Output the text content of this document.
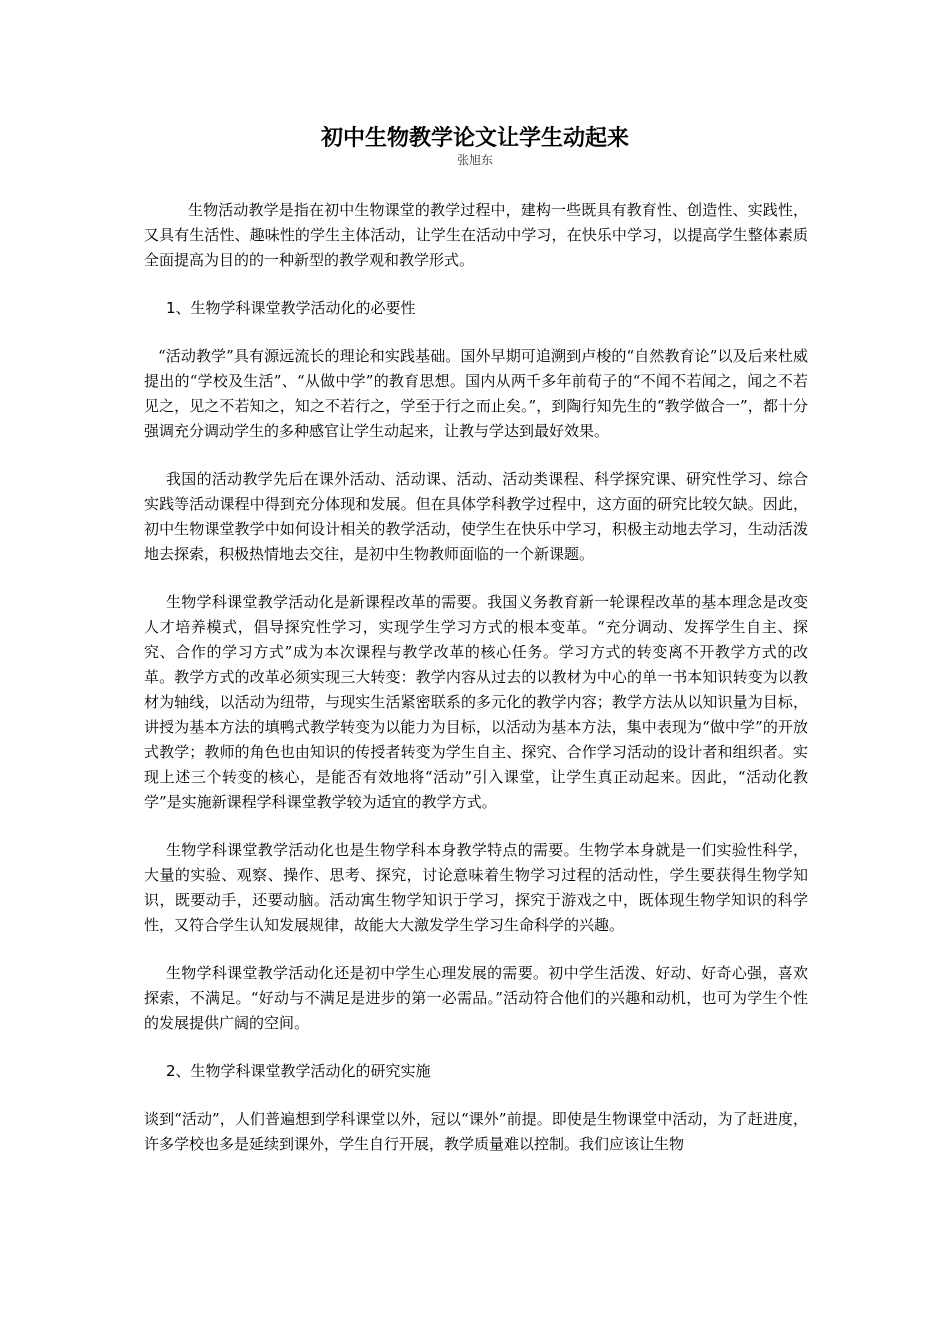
初中生物教学论文让学生动起来
张旭东

生物活动教学是指在初中生物课堂的教学过程中，建构一些既具有教育性、创造性、实践性，又具有生活性、趣味性的学生主体活动，让学生在活动中学习，在快乐中学习，以提高学生整体素质全面提高为目的的一种新型的教学观和教学形式。

1、生物学科课堂教学活动化的必要性

“活动教学”具有源远流长的理论和实践基础。国外早期可追溯到卢梭的“自然教育论”以及后来杜威提出的“学校及生活”、“从做中学”的教育思想。国内从两千多年前荀子的“不闻不若闻之，闻之不若见之，见之不若知之，知之不若行之，学至于行之而止矣。”，到陶行知先生的“教学做合一”，都十分强调充分调动学生的多种感官让学生动起来，让教与学达到最好效果。

我国的活动教学先后在课外活动、活动课、活动、活动类课程、科学探究课、研究性学习、综合实践等活动课程中得到充分体现和发展。但在具体学科教学过程中，这方面的研究比较欠缺。因此，初中生物课堂教学中如何设计相关的教学活动，使学生在快乐中学习，积极主动地去学习，生动活泼地去探索，积极热情地去交往，是初中生物教师面临的一个新课题。

生物学科课堂教学活动化是新课程改革的需要。我国义务教育新一轮课程改革的基本理念是改变人才培养模式，倡导探究性学习，实现学生学习方式的根本变革。“充分调动、发挥学生自主、探究、合作的学习方式”成为本次课程与教学改革的核心任务。学习方式的转变离不开教学方式的改革。教学方式的改革必须实现三大转变：教学内容从过去的以教材为中心的单一书本知识转变为以教材为轴线，以活动为纽带，与现实生活紧密联系的多元化的教学内容；教学方法从以知识量为目标，讲授为基本方法的填鸭式教学转变为以能力为目标，以活动为基本方法，集中表现为“做中学”的开放式教学；教师的角色也由知识的传授者转变为学生自主、探究、合作学习活动的设计者和组织者。实现上述三个转变的核心，是能否有效地将“活动”引入课堂，让学生真正动起来。因此，“活动化教学”是实施新课程学科课堂教学较为适宜的教学方式。

生物学科课堂教学活动化也是生物学科本身教学特点的需要。生物学本身就是一们实验性科学，大量的实验、观察、操作、思考、探究，讨论意味着生物学习过程的活动性，学生要获得生物学知识，既要动手，还要动脑。活动寓生物学知识于学习，探究于游戏之中，既体现生物学知识的科学性，又符合学生认知发展规律，故能大大激发学生学习生命科学的兴趣。

生物学科课堂教学活动化还是初中学生心理发展的需要。初中学生活泼、好动、好奇心强，喜欢探索，不满足。“好动与不满足是进步的第一必需品。”活动符合他们的兴趣和动机，也可为学生个性的发展提供广阔的空间。

2、生物学科课堂教学活动化的研究实施

谈到“活动”，人们普遍想到学科课堂以外，冠以“课外”前提。即使是生物课堂中活动，为了赶进度，许多学校也多是延续到课外，学生自行开展，教学质量难以控制。我们应该让生物
